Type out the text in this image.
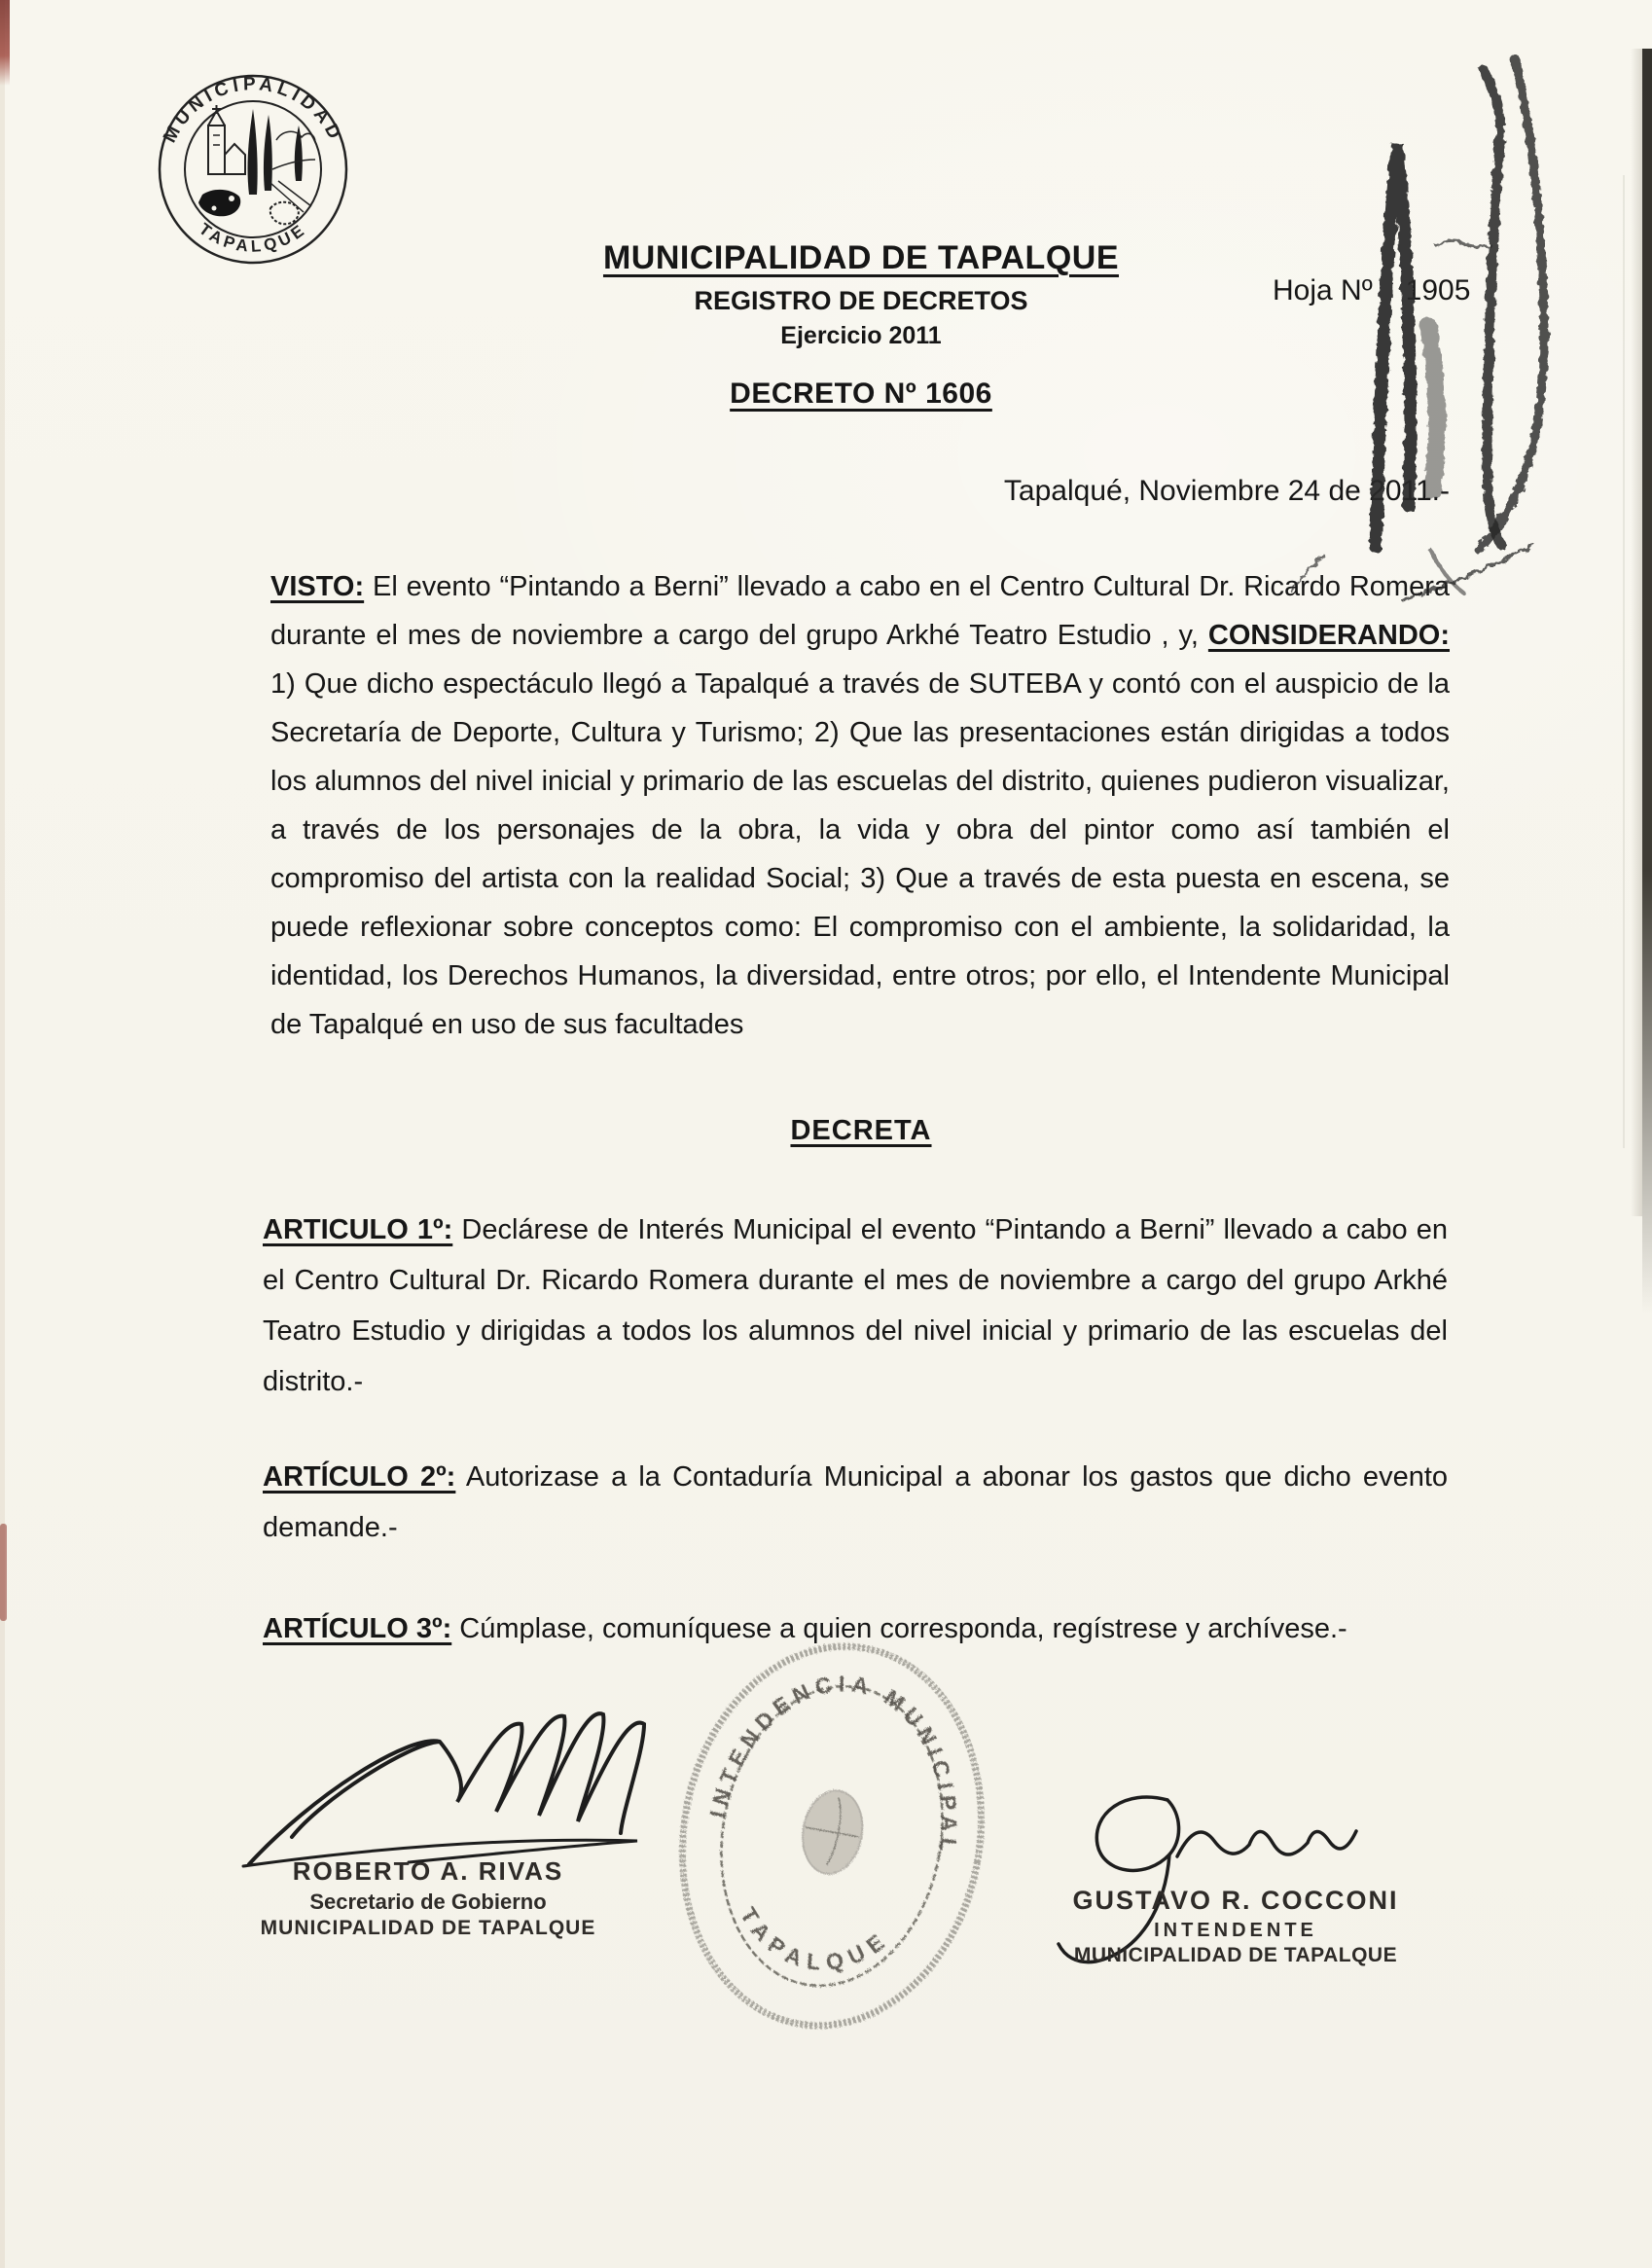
MUNICIPALIDAD
TAPALQUE
MUNICIPALIDAD DE TAPALQUE
REGISTRO DE DECRETOS
Ejercicio 2011
Hoja Nº 1905
DECRETO Nº 1606
Tapalqué, Noviembre 24 de 2011.-
VISTO: El evento “Pintando a Berni” llevado a cabo en el Centro Cultural Dr. Ricardo Romera durante el mes de noviembre a cargo del grupo Arkhé Teatro Estudio , y, CONSIDERANDO: 1) Que dicho espectáculo llegó a Tapalqué a través de SUTEBA y contó con el auspicio de la Secretaría de Deporte, Cultura y Turismo; 2) Que las presentaciones están dirigidas a todos los alumnos del nivel inicial y primario de las escuelas del distrito, quienes pudieron visualizar, a través de los personajes de la obra, la vida y obra del pintor como así también el compromiso del artista con la realidad Social; 3) Que a través de esta puesta en escena, se puede reflexionar sobre conceptos como: El compromiso con el ambiente, la solidaridad, la identidad, los Derechos Humanos, la diversidad, entre otros; por ello, el Intendente Municipal de Tapalqué en uso de sus facultades
DECRETA
ARTICULO 1º: Declárese de Interés Municipal el evento “Pintando a Berni” llevado a cabo en el Centro Cultural Dr. Ricardo Romera durante el mes de noviembre a cargo del grupo Arkhé Teatro Estudio y dirigidas a todos los alumnos del nivel inicial y primario de las escuelas del distrito.-
ARTÍCULO 2º: Autorizase a la Contaduría Municipal a abonar los gastos que dicho evento demande.-
ARTÍCULO 3º: Cúmplase, comuníquese a quien corresponda, regístrese y archívese.-
ROBERTO A. RIVAS
Secretario de Gobierno
MUNICIPALIDAD DE TAPALQUE
INTENDENCIA MUNICIPAL
TAPALQUE
GUSTAVO R. COCCONI
INTENDENTE
MUNICIPALIDAD DE TAPALQUE
